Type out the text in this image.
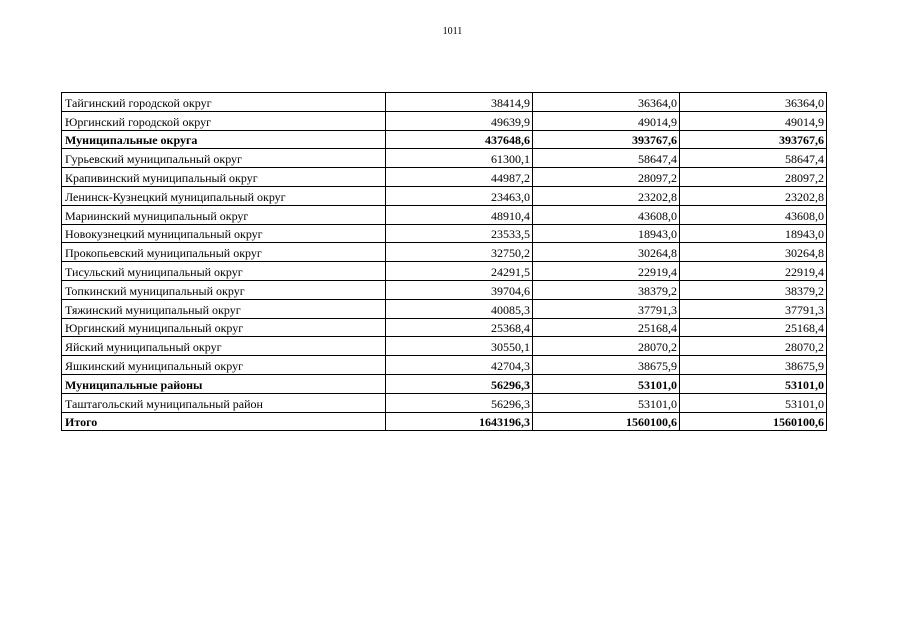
1011
Тайгинский городской округ	38414,9	36364,0	36364,0
Юргинский городской округ	49639,9	49014,9	49014,9
Муниципальные округа	437648,6	393767,6	393767,6
Гурьевский муниципальный округ	61300,1	58647,4	58647,4
Крапивинский муниципальный округ	44987,2	28097,2	28097,2
Ленинск-Кузнецкий муниципальный округ	23463,0	23202,8	23202,8
Мариинский муниципальный округ	48910,4	43608,0	43608,0
Новокузнецкий муниципальный округ	23533,5	18943,0	18943,0
Прокопьевский муниципальный округ	32750,2	30264,8	30264,8
Тисульский муниципальный округ	24291,5	22919,4	22919,4
Топкинский муниципальный округ	39704,6	38379,2	38379,2
Тяжинский муниципальный округ	40085,3	37791,3	37791,3
Юргинский муниципальный округ	25368,4	25168,4	25168,4
Яйский муниципальный округ	30550,1	28070,2	28070,2
Яшкинский муниципальный округ	42704,3	38675,9	38675,9
Муниципальные районы	56296,3	53101,0	53101,0
Таштагольский муниципальный район	56296,3	53101,0	53101,0
Итого	1643196,3	1560100,6	1560100,6
